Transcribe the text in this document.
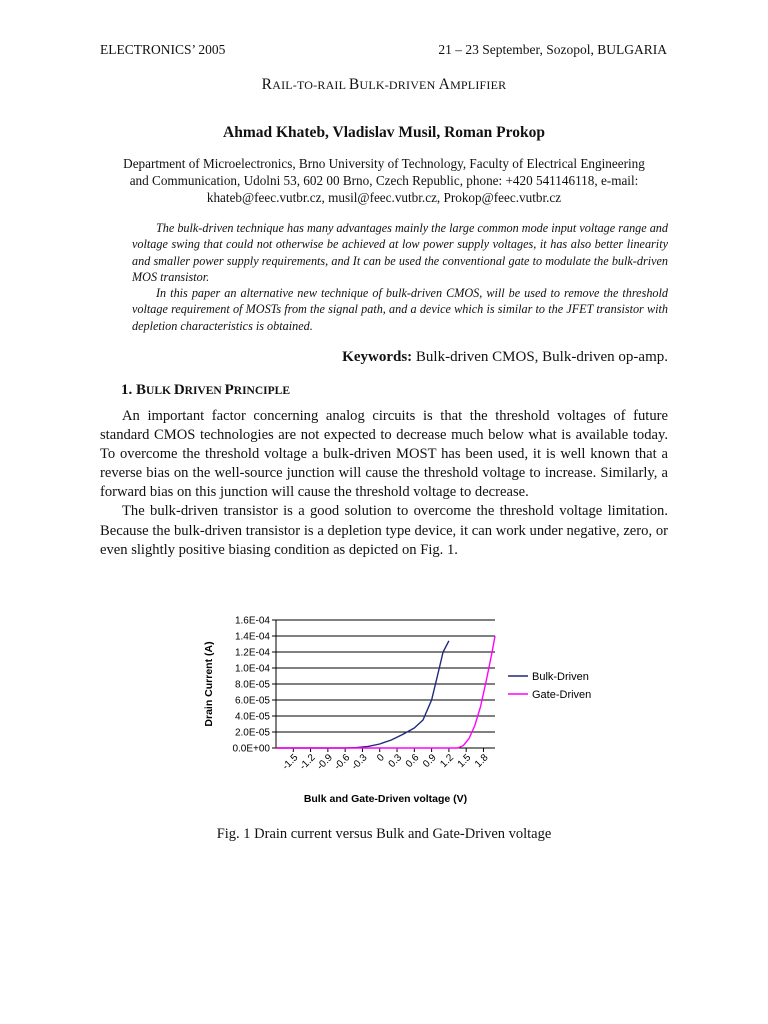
ELECTRONICS’ 2005	21 – 23 September, Sozopol, BULGARIA
RAIL-TO-RAIL BULK-DRIVEN AMPLIFIER
Ahmad Khateb, Vladislav Musil, Roman Prokop
Department of Microelectronics, Brno University of Technology, Faculty of Electrical Engineering
and Communication, Udolni 53, 602 00 Brno, Czech Republic, phone: +420 541146118, e-mail:
khateb@feec.vutbr.cz, musil@feec.vutbr.cz, Prokop@feec.vutbr.cz

The bulk-driven technique has many advantages mainly the large common mode input voltage range and voltage swing that could not otherwise be achieved at low power supply voltages, it has also better linearity and smaller power supply requirements, and It can be used the conventional gate to modulate the bulk-driven MOS transistor.

In this paper an alternative new technique of bulk-driven CMOS, will be used to remove the threshold voltage requirement of MOSTs from the signal path, and a device which is similar to the JFET transistor with depletion characteristics is obtained.

Keywords: Bulk-driven CMOS, Bulk-driven op-amp.
1. BULK DRIVEN PRINCIPLE

An important factor concerning analog circuits is that the threshold voltages of future standard CMOS technologies are not expected to decrease much below what is available today. To overcome the threshold voltage a bulk-driven MOST has been used, it is well known that a reverse bias on the well-source junction will cause the threshold voltage to increase. Similarly, a forward bias on this junction will cause the threshold voltage to decrease.

The bulk-driven transistor is a good solution to overcome the threshold voltage limitation. Because the bulk-driven transistor is a depletion type device, it can work under negative, zero, or even slightly positive biasing condition as depicted on Fig. 1.

0.0E+00
2.0E-05
4.0E-05
6.0E-05
8.0E-05
1.0E-04
1.2E-04
1.4E-04
1.6E-04
-1.5
-1.2
-0.9
-0.6
-0.3 0 0.3 0.6 0.9 1.2 1.5 1.8
Bulk and Gate-Driven voltage (V)
Drain Current (A)	Bulk-Driven
Gate-Driven
Fig. 1 Drain current versus Bulk and Gate-Driven voltage
